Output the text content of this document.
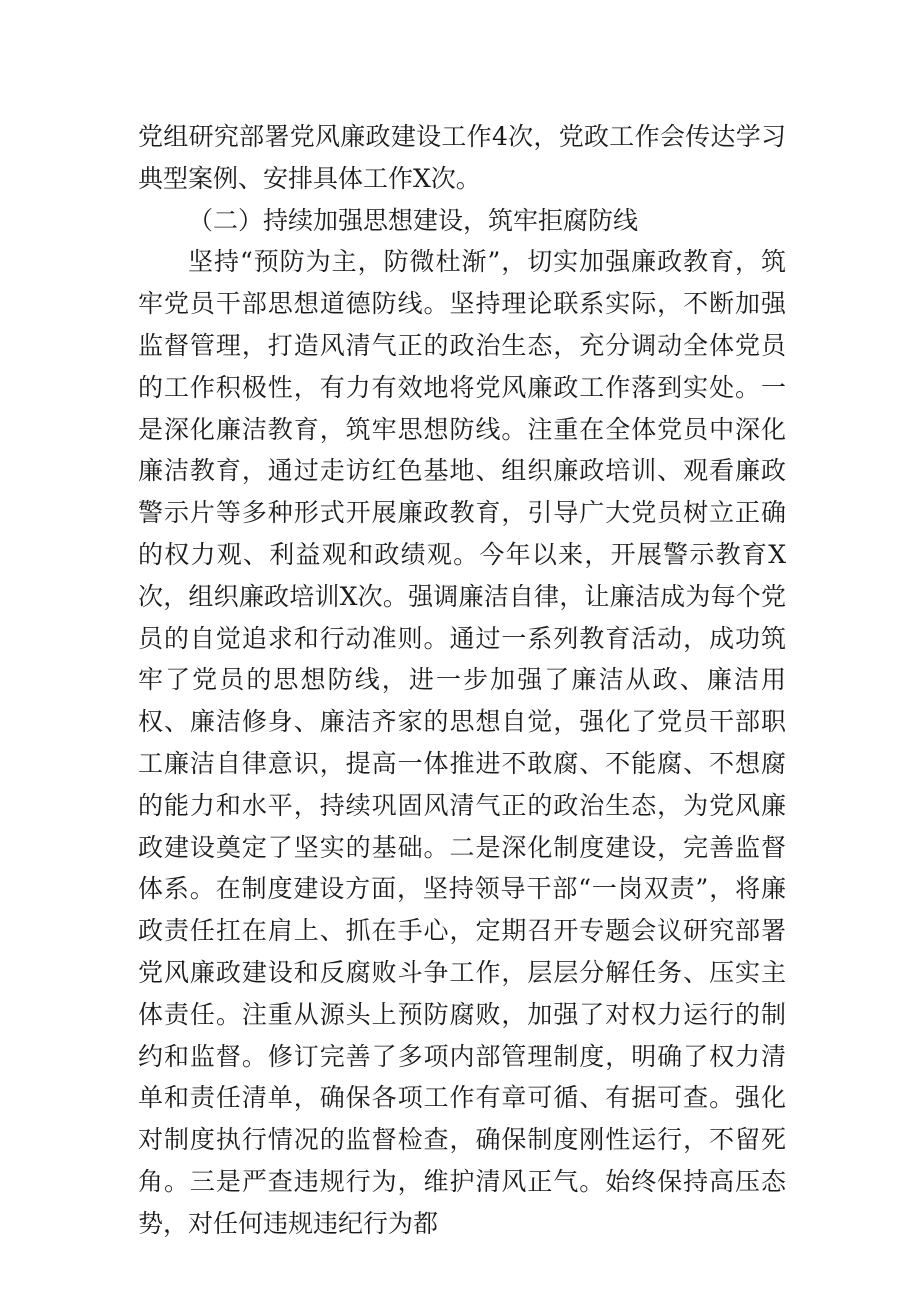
党组研究部署党风廉政建设工作4次，党政工作会传达学习典型案例、安排具体工作X次。

（二）持续加强思想建设，筑牢拒腐防线

坚持“预防为主，防微杜渐”，切实加强廉政教育，筑牢党员干部思想道德防线。坚持理论联系实际，不断加强监督管理，打造风清气正的政治生态，充分调动全体党员的工作积极性，有力有效地将党风廉政工作落到实处。一是深化廉洁教育，筑牢思想防线。注重在全体党员中深化廉洁教育，通过走访红色基地、组织廉政培训、观看廉政警示片等多种形式开展廉政教育，引导广大党员树立正确的权力观、利益观和政绩观。今年以来，开展警示教育X次，组织廉政培训X次。强调廉洁自律，让廉洁成为每个党员的自觉追求和行动准则。通过一系列教育活动，成功筑牢了党员的思想防线，进一步加强了廉洁从政、廉洁用权、廉洁修身、廉洁齐家的思想自觉，强化了党员干部职工廉洁自律意识，提高一体推进不敢腐、不能腐、不想腐的能力和水平，持续巩固风清气正的政治生态，为党风廉政建设奠定了坚实的基础。二是深化制度建设，完善监督体系。在制度建设方面，坚持领导干部“一岗双责”，将廉政责任扛在肩上、抓在手心，定期召开专题会议研究部署党风廉政建设和反腐败斗争工作，层层分解任务、压实主体责任。注重从源头上预防腐败，加强了对权力运行的制约和监督。修订完善了多项内部管理制度，明确了权力清单和责任清单，确保各项工作有章可循、有据可查。强化对制度执行情况的监督检查，确保制度刚性运行，不留死角。三是严查违规行为，维护清风正气。始终保持高压态势，对任何违规违纪行为都
